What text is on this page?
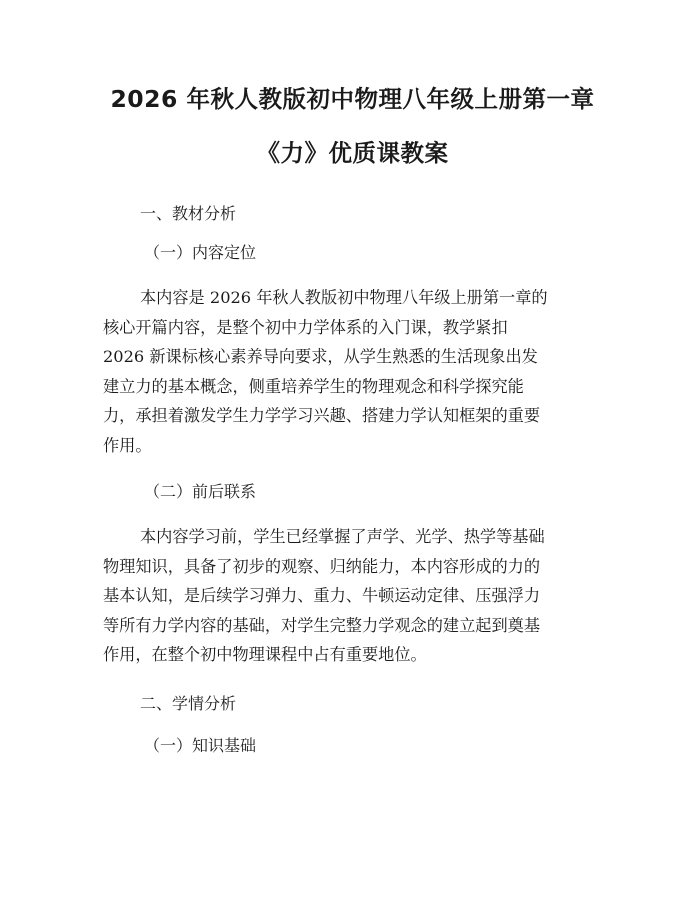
2026 年秋人教版初中物理八年级上册第一章
《力》优质课教案
一、教材分析
（一）内容定位
本内容是 2026 年秋人教版初中物理八年级上册第一章的
核心开篇内容，是整个初中力学体系的入门课，教学紧扣
2026 新课标核心素养导向要求，从学生熟悉的生活现象出发
建立力的基本概念，侧重培养学生的物理观念和科学探究能
力，承担着激发学生力学学习兴趣、搭建力学认知框架的重要
作用。
（二）前后联系
本内容学习前，学生已经掌握了声学、光学、热学等基础
物理知识，具备了初步的观察、归纳能力，本内容形成的力的
基本认知，是后续学习弹力、重力、牛顿运动定律、压强浮力
等所有力学内容的基础，对学生完整力学观念的建立起到奠基
作用，在整个初中物理课程中占有重要地位。
二、学情分析
（一）知识基础
